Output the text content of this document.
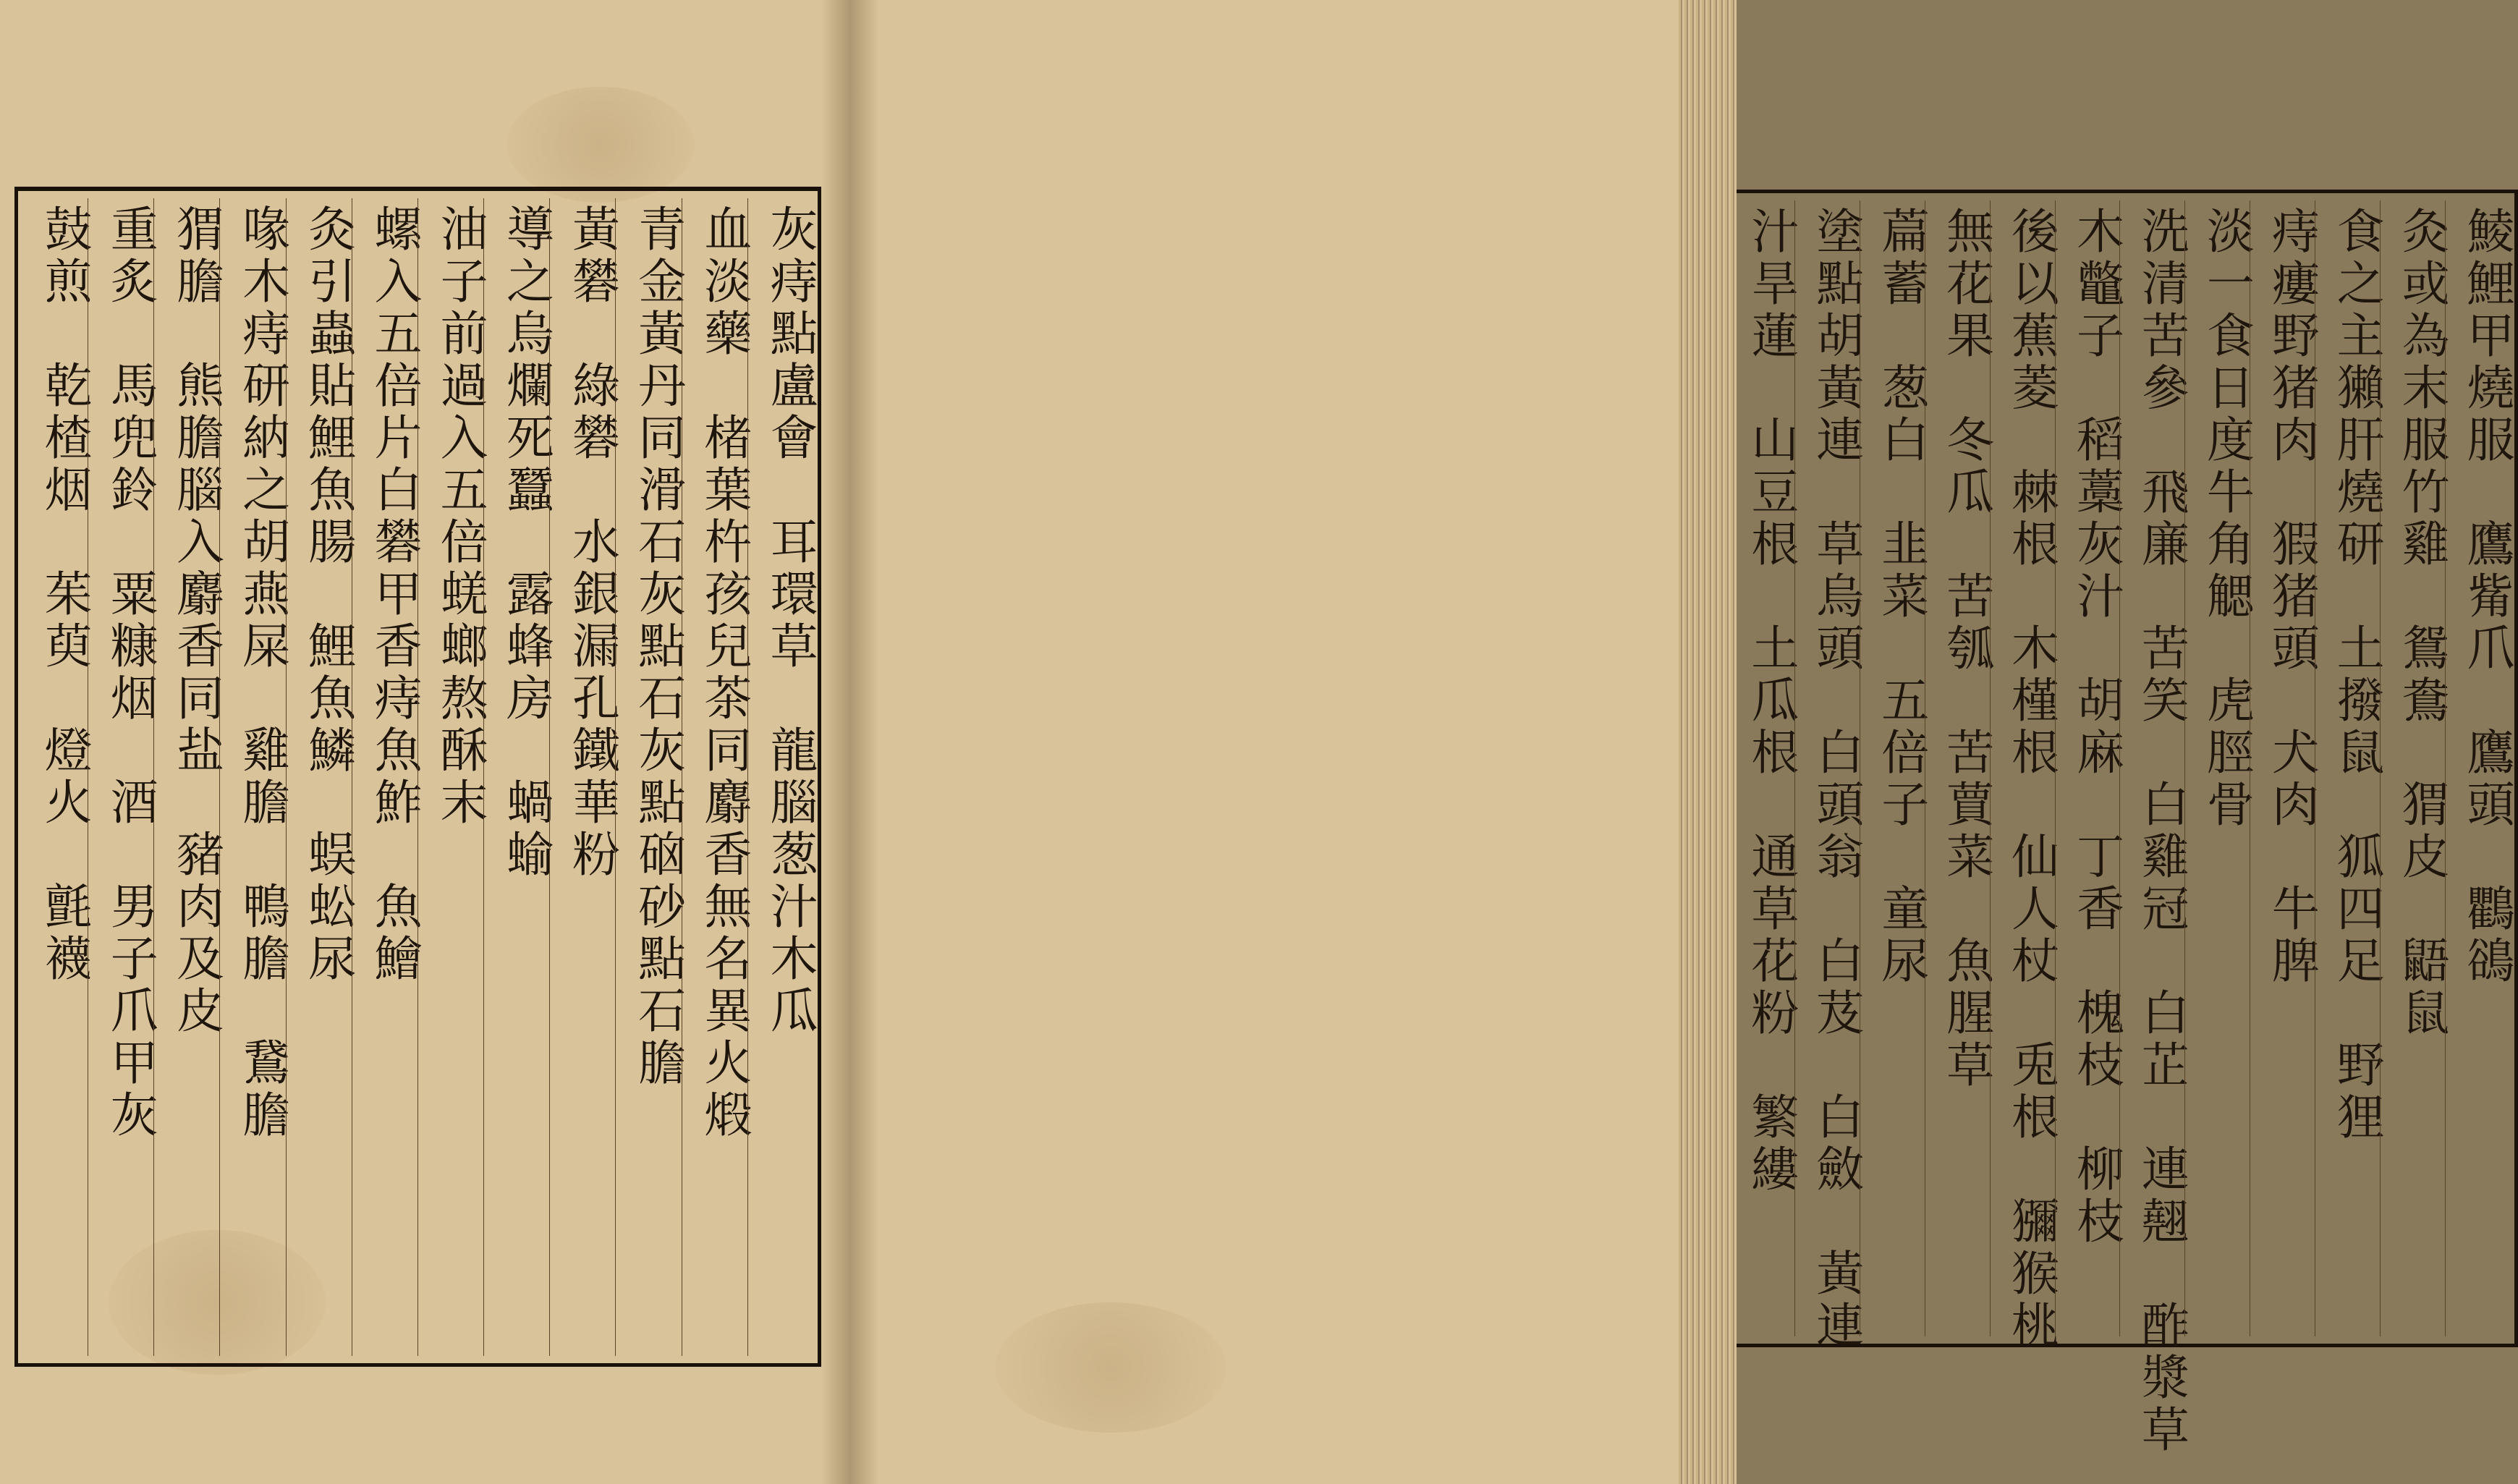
灰痔點盧會　耳環草　龍腦葱汁木瓜
血淡藥　楮葉杵孩兒茶同麝香無名異火煅
青金黃丹同滑石灰點石灰點硇砂點石膽
黃礬　綠礬　水銀漏孔鐵華粉
導之烏爛死蠶　露蜂房　蝸蝓
油子前過入五倍蜣螂熬酥末
螺入五倍片白礬甲香痔魚鮓　魚鱠
灸引蟲貼鯉魚腸　鯉魚鱗　蜈蚣尿
喙木痔研納之胡燕屎　雞膽　鴨膽　鵞膽
猬膽　熊膽腦入麝香同盐　豬肉及皮
重炙　馬兜鈴　粟糠烟　酒　男子爪甲灰
鼓煎　乾楂烟　茱萸　燈火　氈襪	鯪鯉甲燒服　鷹觜爪　鷹頭　鸜鵒
灸或為末服竹雞　鴛鴦　猬皮　鼯鼠
食之主獺肝燒研　土撥鼠　狐四足　野狸
痔瘻野猪肉　猳猪頭　犬肉　牛脾
淡一食日度牛角䚡　虎脛骨
洗清苦參　飛廉　苦笑　白雞冠　白芷　連翹　酢漿草
木鼈子　稻藁灰汁　胡麻　丁香　槐枝　柳枝
後以蕉菱　棘根　木槿根　仙人杖　兎根　獼猴桃
無花果　冬瓜　苦瓠　苦蕒菜　魚腥草
萹蓄　葱白　韭菜　五倍子　童尿
塗點胡黃連　草烏頭　白頭翁　白芨　白斂　黃連
汁旱蓮　山豆根　土瓜根　通草花粉　繁縷
